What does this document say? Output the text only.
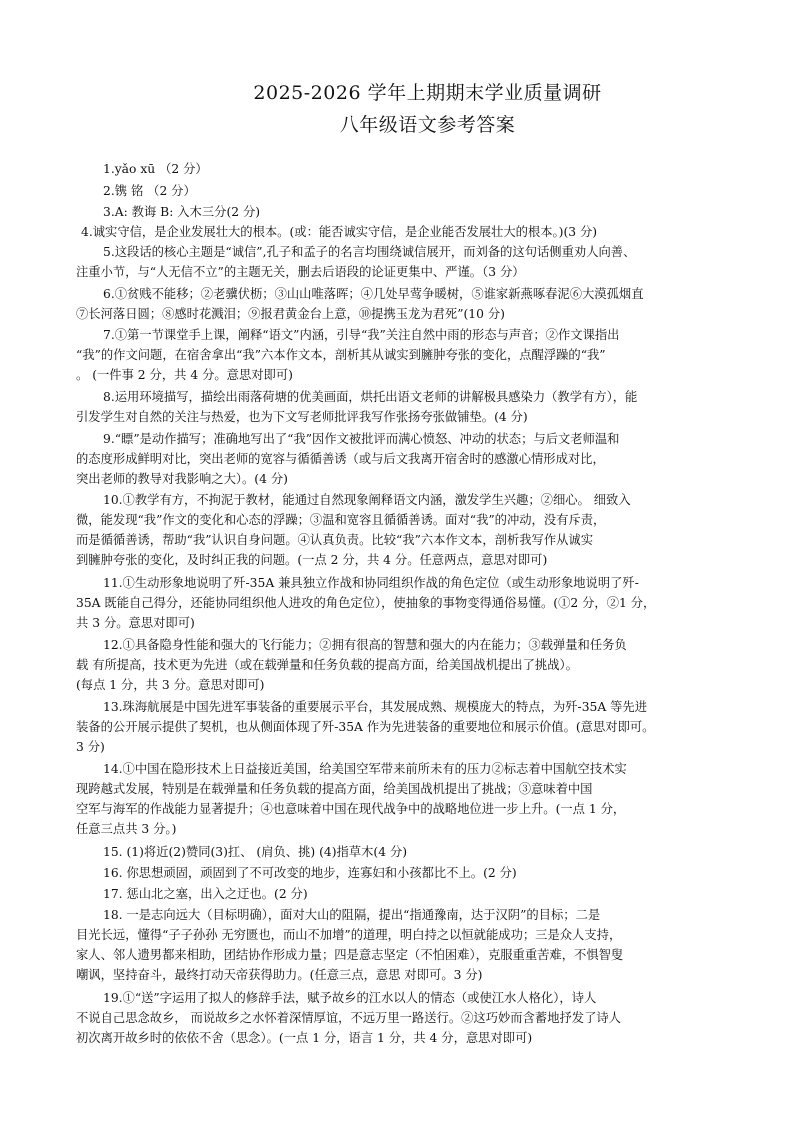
2025-2026 学年上期期末学业质量调研
八年级语文参考答案
1.yǎo xū （2 分）
2.镌 铭 （2 分）
3.A: 教诲 B: 入木三分(2 分)
4.诚实守信，是企业发展壮大的根本。(或：能否诚实守信，是企业能否发展壮大的根本。)(3 分)
5.这段话的核心主题是“诚信”,孔子和孟子的名言均围绕诚信展开，而刘备的这句话侧重劝人向善、
注重小节，与“人无信不立”的主题无关，删去后语段的论证更集中、严谨。（3 分）
6.①贫贱不能移；②老骥伏枥；③山山唯落晖；④几处早莺争暖树，⑤谁家新燕啄春泥⑥大漠孤烟直
⑦长河落日圆；⑧感时花溅泪；⑨报君黄金台上意，⑩提携玉龙为君死”(10 分)
7.①第一节课堂手上课，阐释“语文”内涵，引导“我”关注自然中雨的形态与声音；②作文课指出
“我”的作文问题，在宿舍拿出“我”六本作文本，剖析其从诚实到臃肿夸张的变化，点醒浮躁的“我”
。 (一件事 2 分，共 4 分。意思对即可)
8.运用环境描写，描绘出雨落荷塘的优美画面，烘托出语文老师的讲解极具感染力（教学有方），能
引发学生对自然的关注与热爱，也为下文写老师批评我写作张扬夸张做铺垫。(4 分)
9.“瞟”是动作描写；准确地写出了“我”因作文被批评而满心愤怒、冲动的状态；与后文老师温和
的态度形成鲜明对比，突出老师的宽容与循循善诱（或与后文我离开宿舍时的感激心情形成对比，
突出老师的教导对我影响之大）。(4 分)
10.①教学有方，不拘泥于教材，能通过自然现象阐释语文内涵，激发学生兴趣；②细心。 细致入
微，能发现“我”作文的变化和心态的浮躁；③温和宽容且循循善诱。面对“我”的冲动，没有斥责，
而是循循善诱，帮助“我”认识自身问题。④认真负责。比较“我”六本作文本，剖析我写作从诚实
到臃肿夸张的变化，及时纠正我的问题。(一点 2 分，共 4 分。任意两点，意思对即可)
11.①生动形象地说明了歼-35A 兼具独立作战和协同组织作战的角色定位（或生动形象地说明了歼-
35A 既能自己得分，还能协同组织他人进攻的角色定位），使抽象的事物变得通俗易懂。(①2 分，②1 分，
共 3 分。意思对即可)
12.①具备隐身性能和强大的飞行能力；②拥有很高的智慧和强大的内在能力；③载弹量和任务负
载 有所提高，技术更为先进（或在载弹量和任务负载的提高方面，给美国战机提出了挑战）。
(每点 1 分，共 3 分。意思对即可)
13.珠海航展是中国先进军事装备的重要展示平台，其发展成熟、规模庞大的特点，为歼-35A 等先进
装备的公开展示提供了契机，也从侧面体现了歼-35A 作为先进装备的重要地位和展示价值。(意思对即可。
3 分)
14.①中国在隐形技术上日益接近美国，给美国空军带来前所未有的压力②标志着中国航空技术实
现跨越式发展，特别是在载弹量和任务负载的提高方面，给美国战机提出了挑战；③意味着中国
空军与海军的作战能力显著提升；④也意味着中国在现代战争中的战略地位进一步上升。(一点 1 分，
任意三点共 3 分。)
15. (1)将近(2)赞同(3)扛、 (肩负、挑) (4)指草木(4 分)
16. 你思想顽固，顽固到了不可改变的地步，连寡妇和小孩都比不上。(2 分)
17. 惩山北之塞，出入之迂也。(2 分)
18. 一是志向远大（目标明确），面对大山的阻隔，提出“指通豫南，达于汉阴”的目标；二是
目光长远，懂得“子子孙孙 无穷匮也，而山不加增”的道理，明白持之以恒就能成功；三是众人支持，
家人、邻人遗男都来相助，团结协作形成力量；四是意志坚定（不怕困难），克服重重苦难，不惧智叟
嘲讽，坚持奋斗，最终打动天帝获得助力。(任意三点，意思 对即可。3 分)
19.①“送”字运用了拟人的修辞手法，赋予故乡的江水以人的情态（或使江水人格化），诗人
不说自己思念故乡， 而说故乡之水怀着深情厚谊，不远万里一路送行。②这巧妙而含蓄地抒发了诗人
初次离开故乡时的依依不舍（思念）。(一点 1 分，语言 1 分，共 4 分，意思对即可)
